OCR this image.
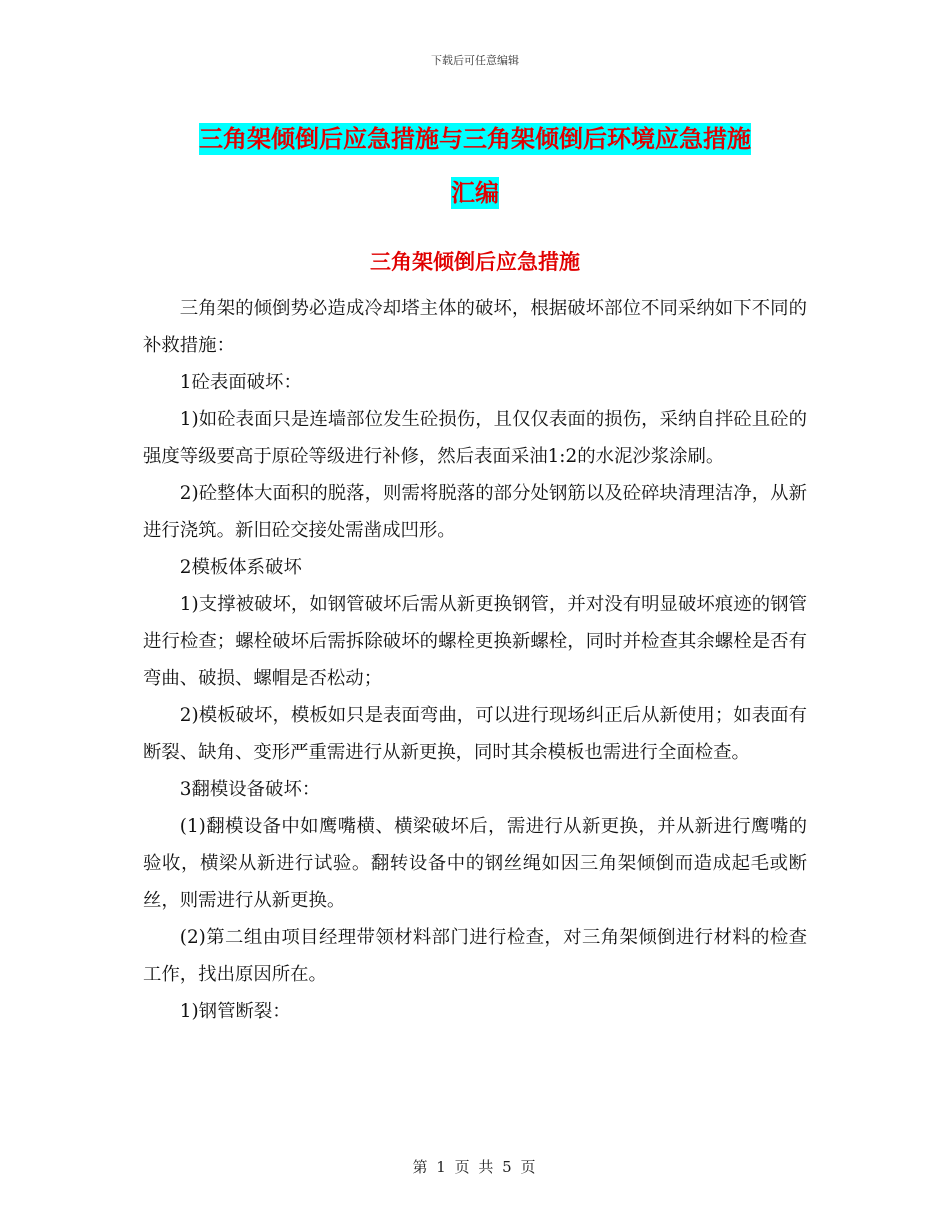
下载后可任意编辑
三角架倾倒后应急措施与三角架倾倒后环境应急措施
汇编
三角架倾倒后应急措施

三角架的倾倒势必造成冷却塔主体的破坏，根据破坏部位不同采纳如下不同的补救措施：

1砼表面破坏：

1)如砼表面只是连墙部位发生砼损伤，且仅仅表面的损伤，采纳自拌砼且砼的强度等级要高于原砼等级进行补修，然后表面采油1:2的水泥沙浆涂刷。

2)砼整体大面积的脱落，则需将脱落的部分处钢筋以及砼碎块清理洁净，从新进行浇筑。新旧砼交接处需凿成凹形。

2模板体系破坏

1)支撑被破坏，如钢管破坏后需从新更换钢管，并对没有明显破坏痕迹的钢管进行检查；螺栓破坏后需拆除破坏的螺栓更换新螺栓，同时并检查其余螺栓是否有弯曲、破损、螺帽是否松动；

2)模板破坏，模板如只是表面弯曲，可以进行现场纠正后从新使用；如表面有断裂、缺角、变形严重需进行从新更换，同时其余模板也需进行全面检查。

3翻模设备破坏：

(1)翻模设备中如鹰嘴横、横梁破坏后，需进行从新更换，并从新进行鹰嘴的验收，横梁从新进行试验。翻转设备中的钢丝绳如因三角架倾倒而造成起毛或断丝，则需进行从新更换。

(2)第二组由项目经理带领材料部门进行检查，对三角架倾倒进行材料的检查工作，找出原因所在。

1)钢管断裂：

第 1 页 共 5 页
